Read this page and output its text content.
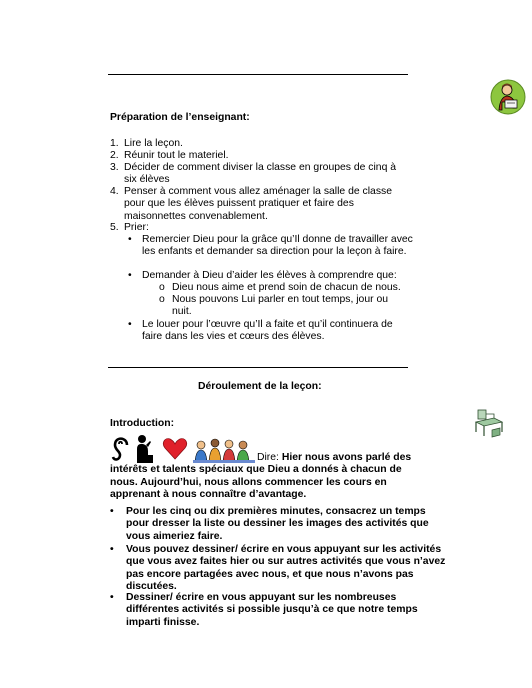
Préparation de l’enseignant:
1. Lire la leçon.
2. Réunir tout le materiel.
3. Décider de comment diviser la classe en groupes de cinq à six élèves
4. Penser à comment vous allez aménager la salle de classe pour que les élèves puissent pratiquer et faire des maisonnettes convenablement.
5. Prier:
• Remercier Dieu pour la grâce qu’Il donne de travailler avec les enfants et demander sa direction pour la leçon à faire.
• Demander à Dieu d’aider les élèves à comprendre que:
o Dieu nous aime et prend soin de chacun de nous.
o Nous pouvons Lui parler en tout temps, jour ou nuit.
• Le louer pour l’œuvre qu’Il a faite et qu’il continuera de faire dans les vies et cœurs des élèves.
Déroulement de la leçon:
Introduction:
Dire: Hier nous avons parlé des intérêts et talents spéciaux que Dieu a donnés à chacun de nous. Aujourd’hui, nous allons commencer les cours en apprenant à nous connaître d’avantage.
• Pour les cinq ou dix premières minutes, consacrez un temps pour dresser la liste ou dessiner les images des activités que vous aimeriez faire.
• Vous pouvez dessiner/ écrire en vous appuyant sur les activités que vous avez faites hier ou sur autres activités que vous n’avez pas encore partagées avec nous, et que nous n’avons pas discutées.
• Dessiner/ écrire en vous appuyant sur les nombreuses différentes activités si possible jusqu’à ce que notre temps imparti finisse.
